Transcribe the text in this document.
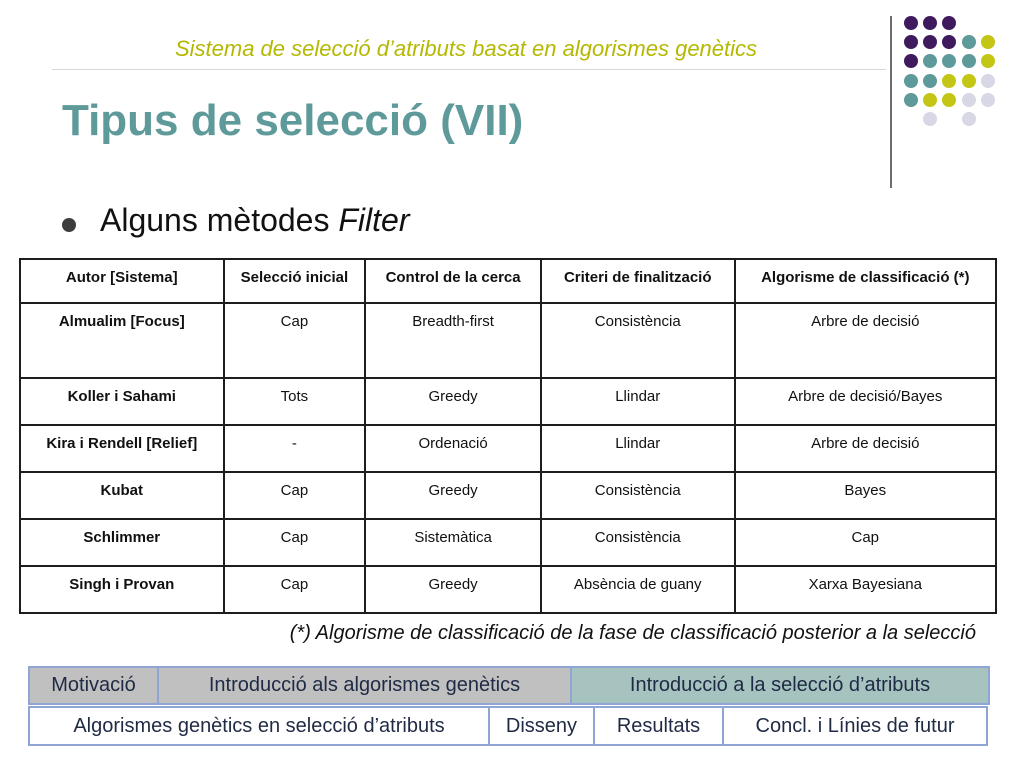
Sistema de selecció d’atributs basat en algorismes genètics
Tipus de selecció (VII)
Alguns mètodes Filter
Autor [Sistema]	Selecció inicial	Control de la cerca	Criteri de finalització	Algorisme de classificació (*)
Almualim [Focus]	Cap	Breadth-first	Consistència	Arbre de decisió
Koller i Sahami	Tots	Greedy	Llindar	Arbre de decisió/Bayes
Kira i Rendell [Relief]	-	Ordenació	Llindar	Arbre de decisió
Kubat	Cap	Greedy	Consistència	Bayes
Schlimmer	Cap	Sistemàtica	Consistència	Cap
Singh i Provan	Cap	Greedy	Absència de guany	Xarxa Bayesiana
(*) Algorisme de classificació de la fase de classificació posterior a la selecció
Motivació	Introducció als algorismes genètics	Introducció a la selecció d’atributs
Algorismes genètics en selecció d’atributs	Disseny	Resultats	Concl. i Línies de futur
